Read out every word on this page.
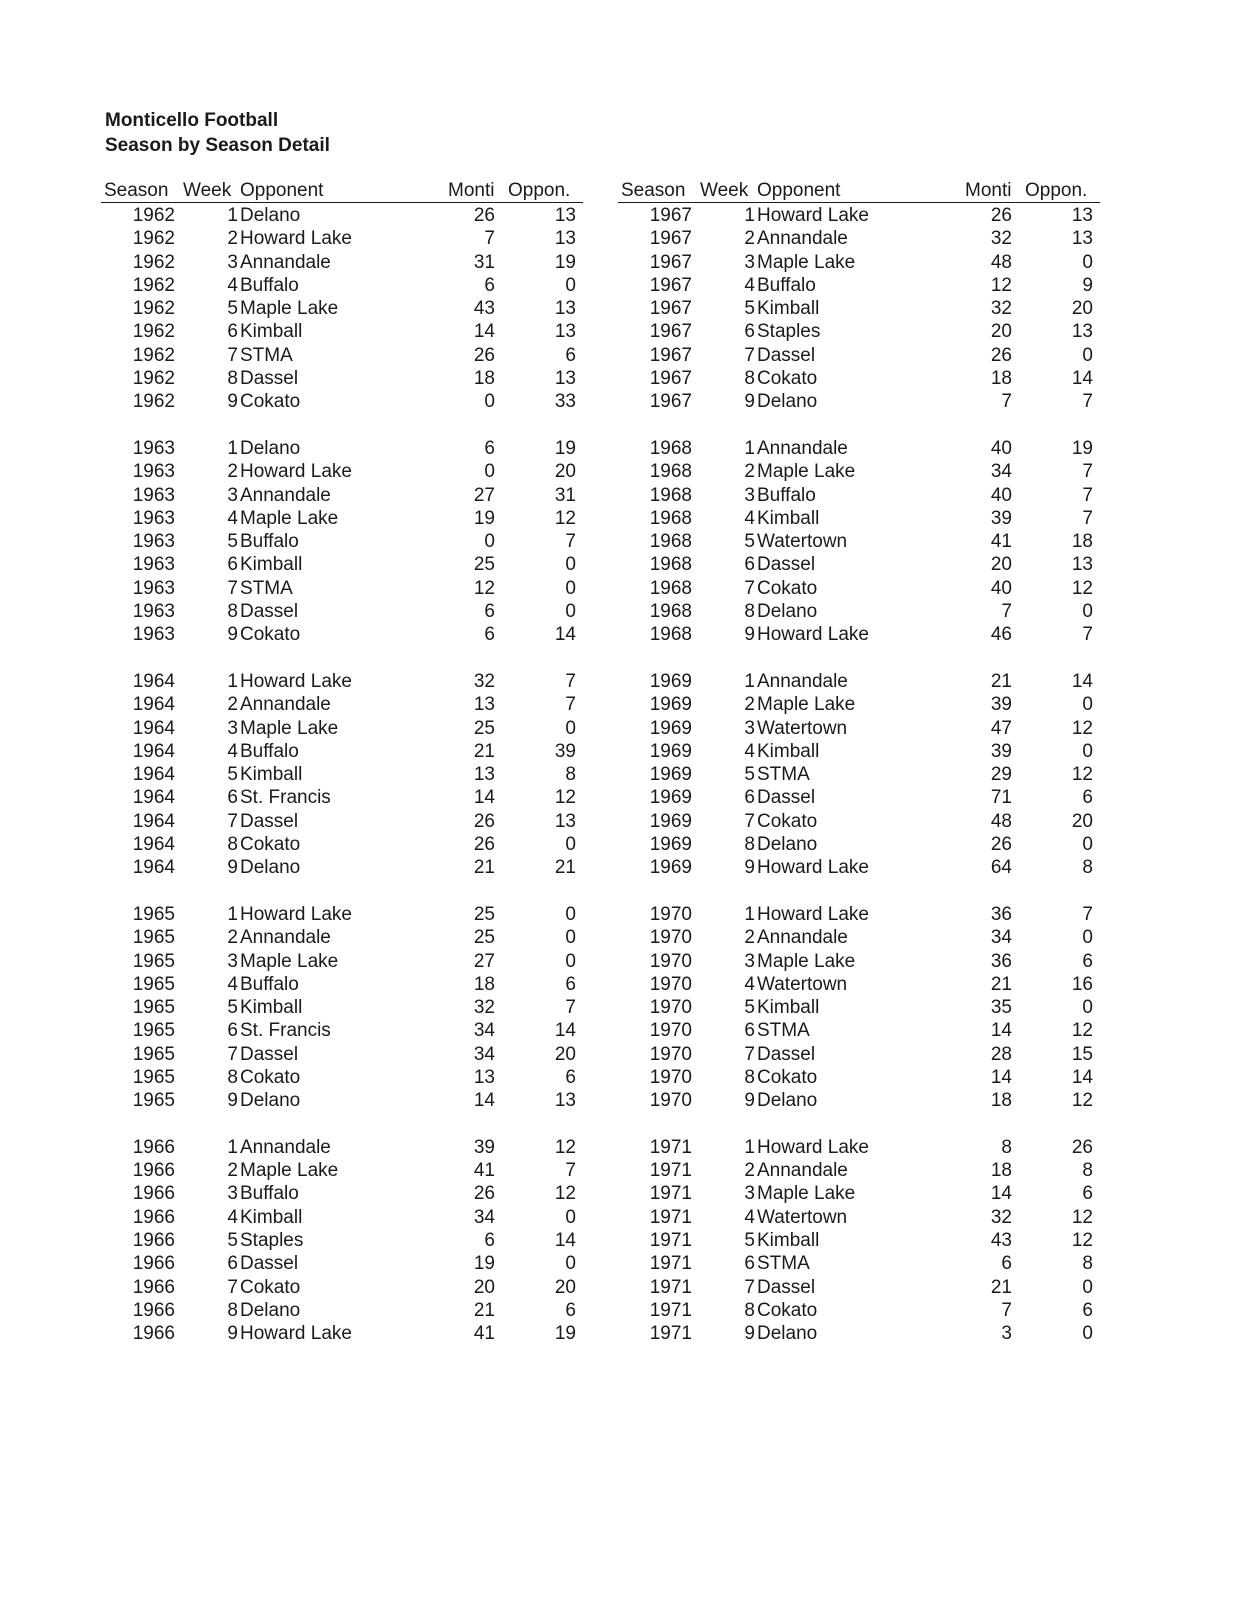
Monticello Football
Season by Season Detail
Season Week Opponent	Monti Oppon.
1962	1 Delano	26	13
1962	2 Howard Lake	7	13
1962	3 Annandale	31	19
1962	4 Buffalo	6	0
1962	5 Maple Lake	43	13
1962	6 Kimball	14	13
1962	7 STMA	26	6
1962	8 Dassel	18	13
1962	9 Cokato	0	33
1963	1 Delano	6	19
1963	2 Howard Lake	0	20
1963	3 Annandale	27	31
1963	4 Maple Lake	19	12
1963	5 Buffalo	0	7
1963	6 Kimball	25	0
1963	7 STMA	12	0
1963	8 Dassel	6	0
1963	9 Cokato	6	14
1964	1 Howard Lake	32	7
1964	2 Annandale	13	7
1964	3 Maple Lake	25	0
1964	4 Buffalo	21	39
1964	5 Kimball	13	8
1964	6 St. Francis	14	12
1964	7 Dassel	26	13
1964	8 Cokato	26	0
1964	9 Delano	21	21
1965	1 Howard Lake	25	0
1965	2 Annandale	25	0
1965	3 Maple Lake	27	0
1965	4 Buffalo	18	6
1965	5 Kimball	32	7
1965	6 St. Francis	34	14
1965	7 Dassel	34	20
1965	8 Cokato	13	6
1965	9 Delano	14	13
1966	1 Annandale	39	12
1966	2 Maple Lake	41	7
1966	3 Buffalo	26	12
1966	4 Kimball	34	0
1966	5 Staples	6	14
1966	6 Dassel	19	0
1966	7 Cokato	20	20
1966	8 Delano	21	6
1966	9 Howard Lake	41	19
Season Week Opponent	Monti Oppon.
1967	1 Howard Lake	26	13
1967	2 Annandale	32	13
1967	3 Maple Lake	48	0
1967	4 Buffalo	12	9
1967	5 Kimball	32	20
1967	6 Staples	20	13
1967	7 Dassel	26	0
1967	8 Cokato	18	14
1967	9 Delano	7	7
1968	1 Annandale	40	19
1968	2 Maple Lake	34	7
1968	3 Buffalo	40	7
1968	4 Kimball	39	7
1968	5 Watertown	41	18
1968	6 Dassel	20	13
1968	7 Cokato	40	12
1968	8 Delano	7	0
1968	9 Howard Lake	46	7
1969	1 Annandale	21	14
1969	2 Maple Lake	39	0
1969	3 Watertown	47	12
1969	4 Kimball	39	0
1969	5 STMA	29	12
1969	6 Dassel	71	6
1969	7 Cokato	48	20
1969	8 Delano	26	0
1969	9 Howard Lake	64	8
1970	1 Howard Lake	36	7
1970	2 Annandale	34	0
1970	3 Maple Lake	36	6
1970	4 Watertown	21	16
1970	5 Kimball	35	0
1970	6 STMA	14	12
1970	7 Dassel	28	15
1970	8 Cokato	14	14
1970	9 Delano	18	12
1971	1 Howard Lake	8	26
1971	2 Annandale	18	8
1971	3 Maple Lake	14	6
1971	4 Watertown	32	12
1971	5 Kimball	43	12
1971	6 STMA	6	8
1971	7 Dassel	21	0
1971	8 Cokato	7	6
1971	9 Delano	3	0
